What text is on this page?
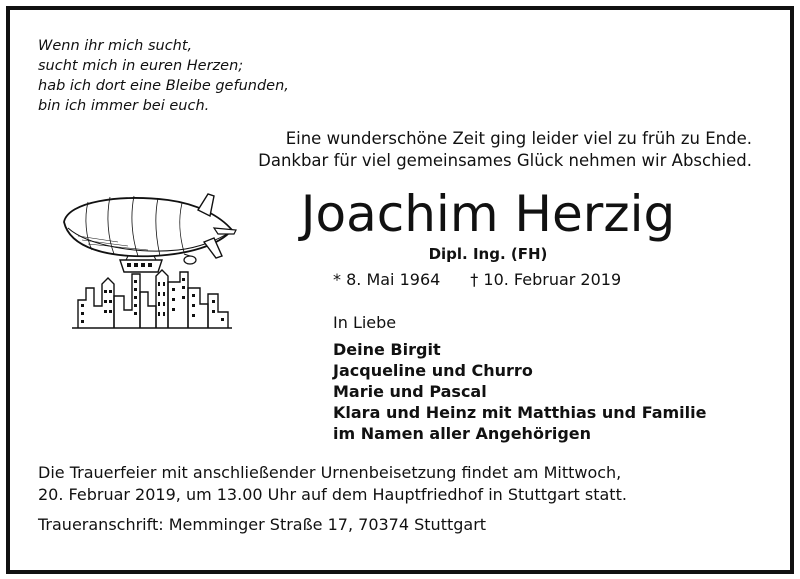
Wenn ihr mich sucht,
sucht mich in euren Herzen;
hab ich dort eine Bleibe gefunden,
bin ich immer bei euch.
Eine wunderschöne Zeit ging leider viel zu früh zu Ende.
Dankbar für viel gemeinsames Glück nehmen wir Abschied.
Joachim Herzig
Dipl. Ing. (FH)
* 8. Mai 1964 † 10. Februar 2019
In Liebe
Deine Birgit
Jacqueline und Churro
Marie und Pascal
Klara und Heinz mit Matthias und Familie
im Namen aller Angehörigen
Die Trauerfeier mit anschließender Urnenbeisetzung findet am Mittwoch,
20. Februar 2019, um 13.00 Uhr auf dem Hauptfriedhof in Stuttgart statt.
Traueranschrift: Memminger Straße 17, 70374 Stuttgart
